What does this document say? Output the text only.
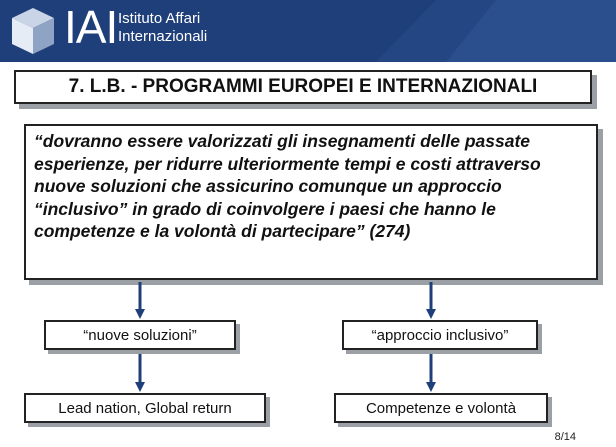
IAI Istituto Affari
Internazionali
7. L.B. - PROGRAMMI EUROPEI E INTERNAZIONALI

“dovranno essere valorizzati gli insegnamenti delle passate esperienze, per ridurre ulteriormente tempi e costi attraverso nuove soluzioni che assicurino comunque un approccio “inclusivo” in grado di coinvolgere i paesi che hanno le competenze e la volontà di partecipare” (274)

“nuove soluzioni”	“approccio inclusivo”
Lead nation, Global return	Competenze e volontà
8/14
